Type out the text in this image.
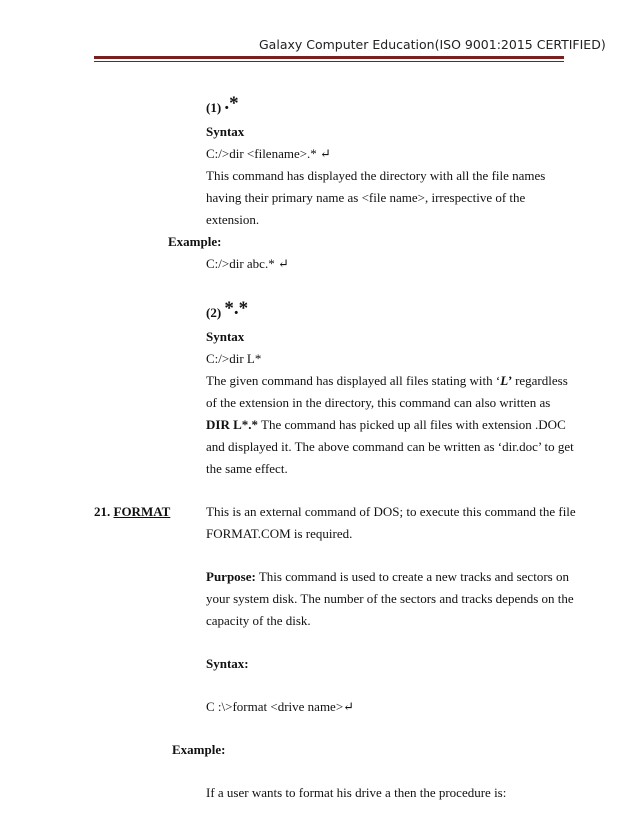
Galaxy Computer Education(ISO 9001:2015 CERTIFIED)
(1) .*
Syntax
C:/>dir <filename>.* ↵
This command has displayed the directory with all the file names
having their primary name as <file name>, irrespective of the
extension.
Example:
C:/>dir abc.* ↵
(2) *.*
Syntax
C:/>dir L*
The given command has displayed all files stating with ‘L’ regardless
of the extension in the directory, this command can also written as
DIR L*.* The command has picked up all files with extension .DOC
and displayed it. The above command can be written as ‘dir.doc’ to get
the same effect.
21. FORMAT	This is an external command of DOS; to execute this command the file
FORMAT.COM is required.
Purpose: This command is used to create a new tracks and sectors on
your system disk. The number of the sectors and tracks depends on the
capacity of the disk.
Syntax:
C :\>format <drive name>↵
Example:
If a user wants to format his drive a then the procedure is:
